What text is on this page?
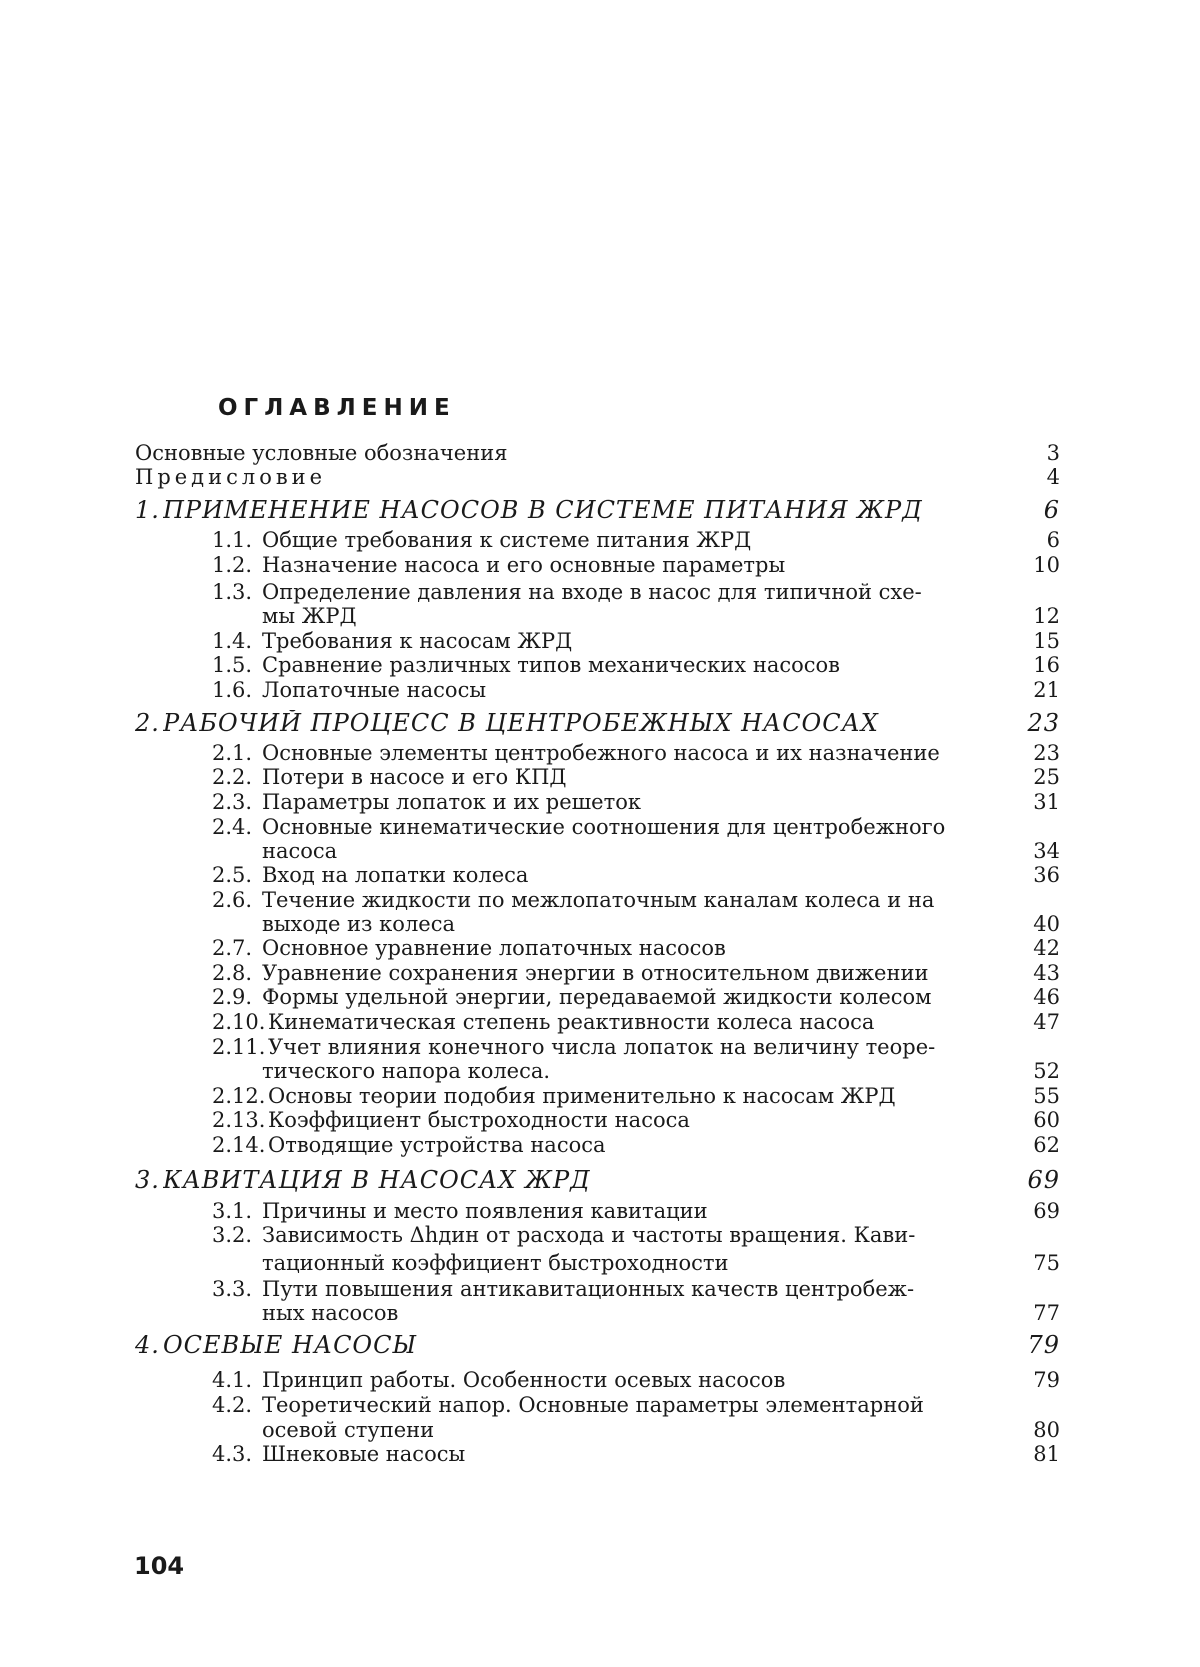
ОГЛАВЛЕНИЕ
Основные условные обозначения	3
Предисловие	4
1. ПРИМЕНЕНИЕ НАСОСОВ В СИСТЕМЕ ПИТАНИЯ ЖРД	6
1.1. Общие требования к системе питания ЖРД	6
1.2. Назначение насоса и его основные параметры	10
1.3. Определение давления на входе в насос для типичной схе-
мы ЖРД	12
1.4. Требования к насосам ЖРД	15
1.5. Сравнение различных типов механических насосов	16
1.6. Лопаточные насосы	21
2. РАБОЧИЙ ПРОЦЕСС В ЦЕНТРОБЕЖНЫХ НАСОСАХ	23
2.1. Основные элементы центробежного насоса и их назначение	23
2.2. Потери в насосе и его КПД	25
2.3. Параметры лопаток и их решеток	31
2.4. Основные кинематические соотношения для центробежного
насоса	34
2.5. Вход на лопатки колеса	36
2.6. Течение жидкости по межлопаточным каналам колеса и на
выходе из колеса	40
2.7. Основное уравнение лопаточных насосов	42
2.8. Уравнение сохранения энергии в относительном движении	43
2.9. Формы удельной энергии, передаваемой жидкости колесом	46
2.10. Кинематическая степень реактивности колеса насоса	47
2.11. Учет влияния конечного числа лопаток на величину теоре-
тического напора колеса.	52
2.12. Основы теории подобия применительно к насосам ЖРД	55
2.13. Коэффициент быстроходности насоса	60
2.14. Отводящие устройства насоса	62
3. КАВИТАЦИЯ В НАСОСАХ ЖРД	69
3.1. Причины и место появления кавитации	69
3.2. Зависимость Δhдин от расхода и частоты вращения. Кави-
тационный коэффициент быстроходности	75
3.3. Пути повышения антикавитационных качеств центробеж-
ных насосов	77
4. ОСЕВЫЕ НАСОСЫ	79
4.1. Принцип работы. Особенности осевых насосов	79
4.2. Теоретический напор. Основные параметры элементарной
осевой ступени	80
4.3. Шнековые насосы	81
104
